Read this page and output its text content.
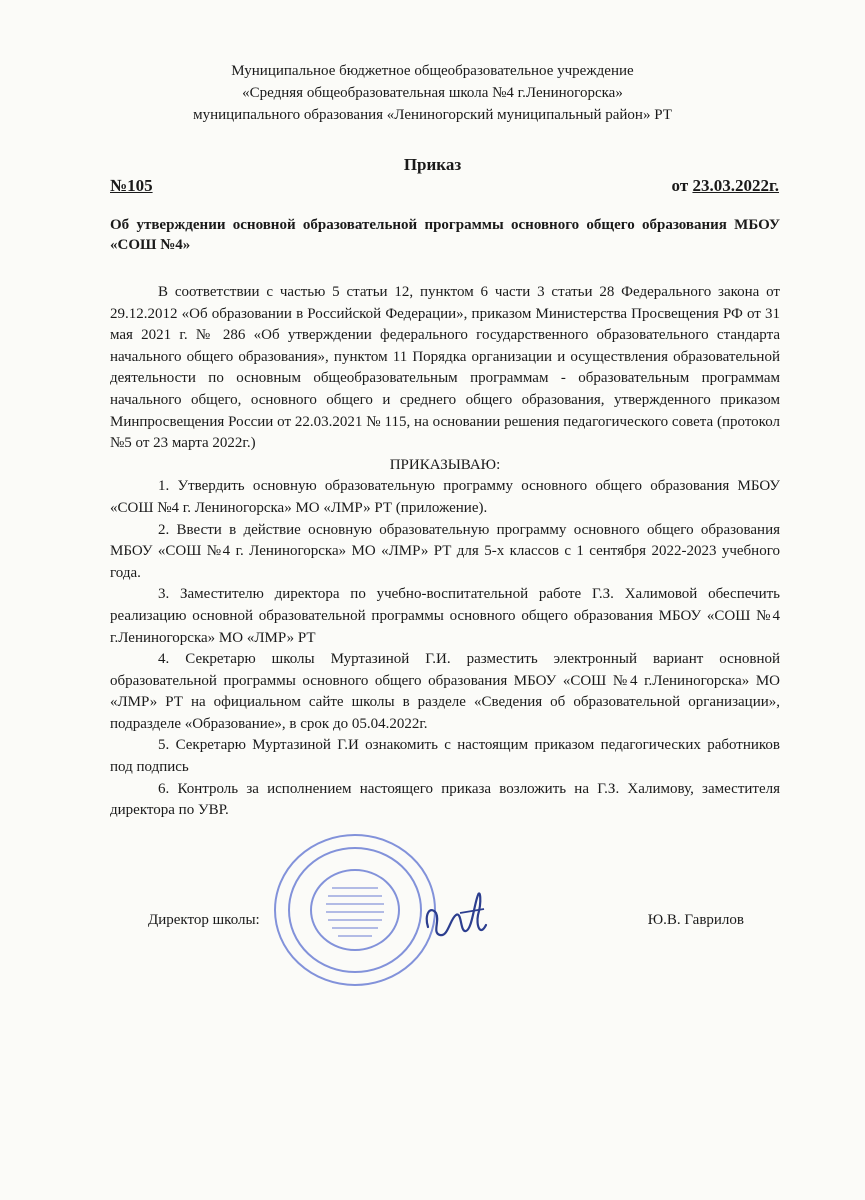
Муниципальное бюджетное общеобразовательное учреждение
«Средняя общеобразовательная школа №4 г.Лениногорска»
муниципального образования «Лениногорский муниципальный район» РТ
Приказ
№105	от 23.03.2022г.
Об утверждении основной образовательной программы основного общего образования МБОУ «СОШ №4»

В соответствии с частью 5 статьи 12, пунктом 6 части 3 статьи 28 Федерального закона от 29.12.2012 «Об образовании в Российской Федерации», приказом Министерства Просвещения РФ от 31 мая 2021 г. № 286 «Об утверждении федерального государственного образовательного стандарта начального общего образования», пунктом 11 Порядка организации и осуществления образовательной деятельности по основным общеобразовательным программам - образовательным программам начального общего, основного общего и среднего общего образования, утвержденного приказом Минпросвещения России от 22.03.2021 № 115, на основании решения педагогического совета (протокол №5 от 23 марта 2022г.)

ПРИКАЗЫВАЮ:

1. Утвердить основную образовательную программу основного общего образования МБОУ «СОШ №4 г. Лениногорска» МО «ЛМР» РТ (приложение).

2. Ввести в действие основную образовательную программу основного общего образования МБОУ «СОШ №4 г. Лениногорска» МО «ЛМР» РТ для 5-х классов с 1 сентября 2022-2023 учебного года.

3. Заместителю директора по учебно-воспитательной работе Г.З. Халимовой обеспечить реализацию основной образовательной программы основного общего образования МБОУ «СОШ №4 г.Лениногорска» МО «ЛМР» РТ

4. Секретарю школы Муртазиной Г.И. разместить электронный вариант основной образовательной программы основного общего образования МБОУ «СОШ №4 г.Лениногорска» МО «ЛМР» РТ на официальном сайте школы в разделе «Сведения об образовательной организации», подразделе «Образование», в срок до 05.04.2022г.

5. Секретарю Муртазиной Г.И ознакомить с настоящим приказом педагогических работников под подпись

6. Контроль за исполнением настоящего приказа возложить на Г.З. Халимову, заместителя директора по УВР.

Директор школы:	Ю.В. Гаврилов
